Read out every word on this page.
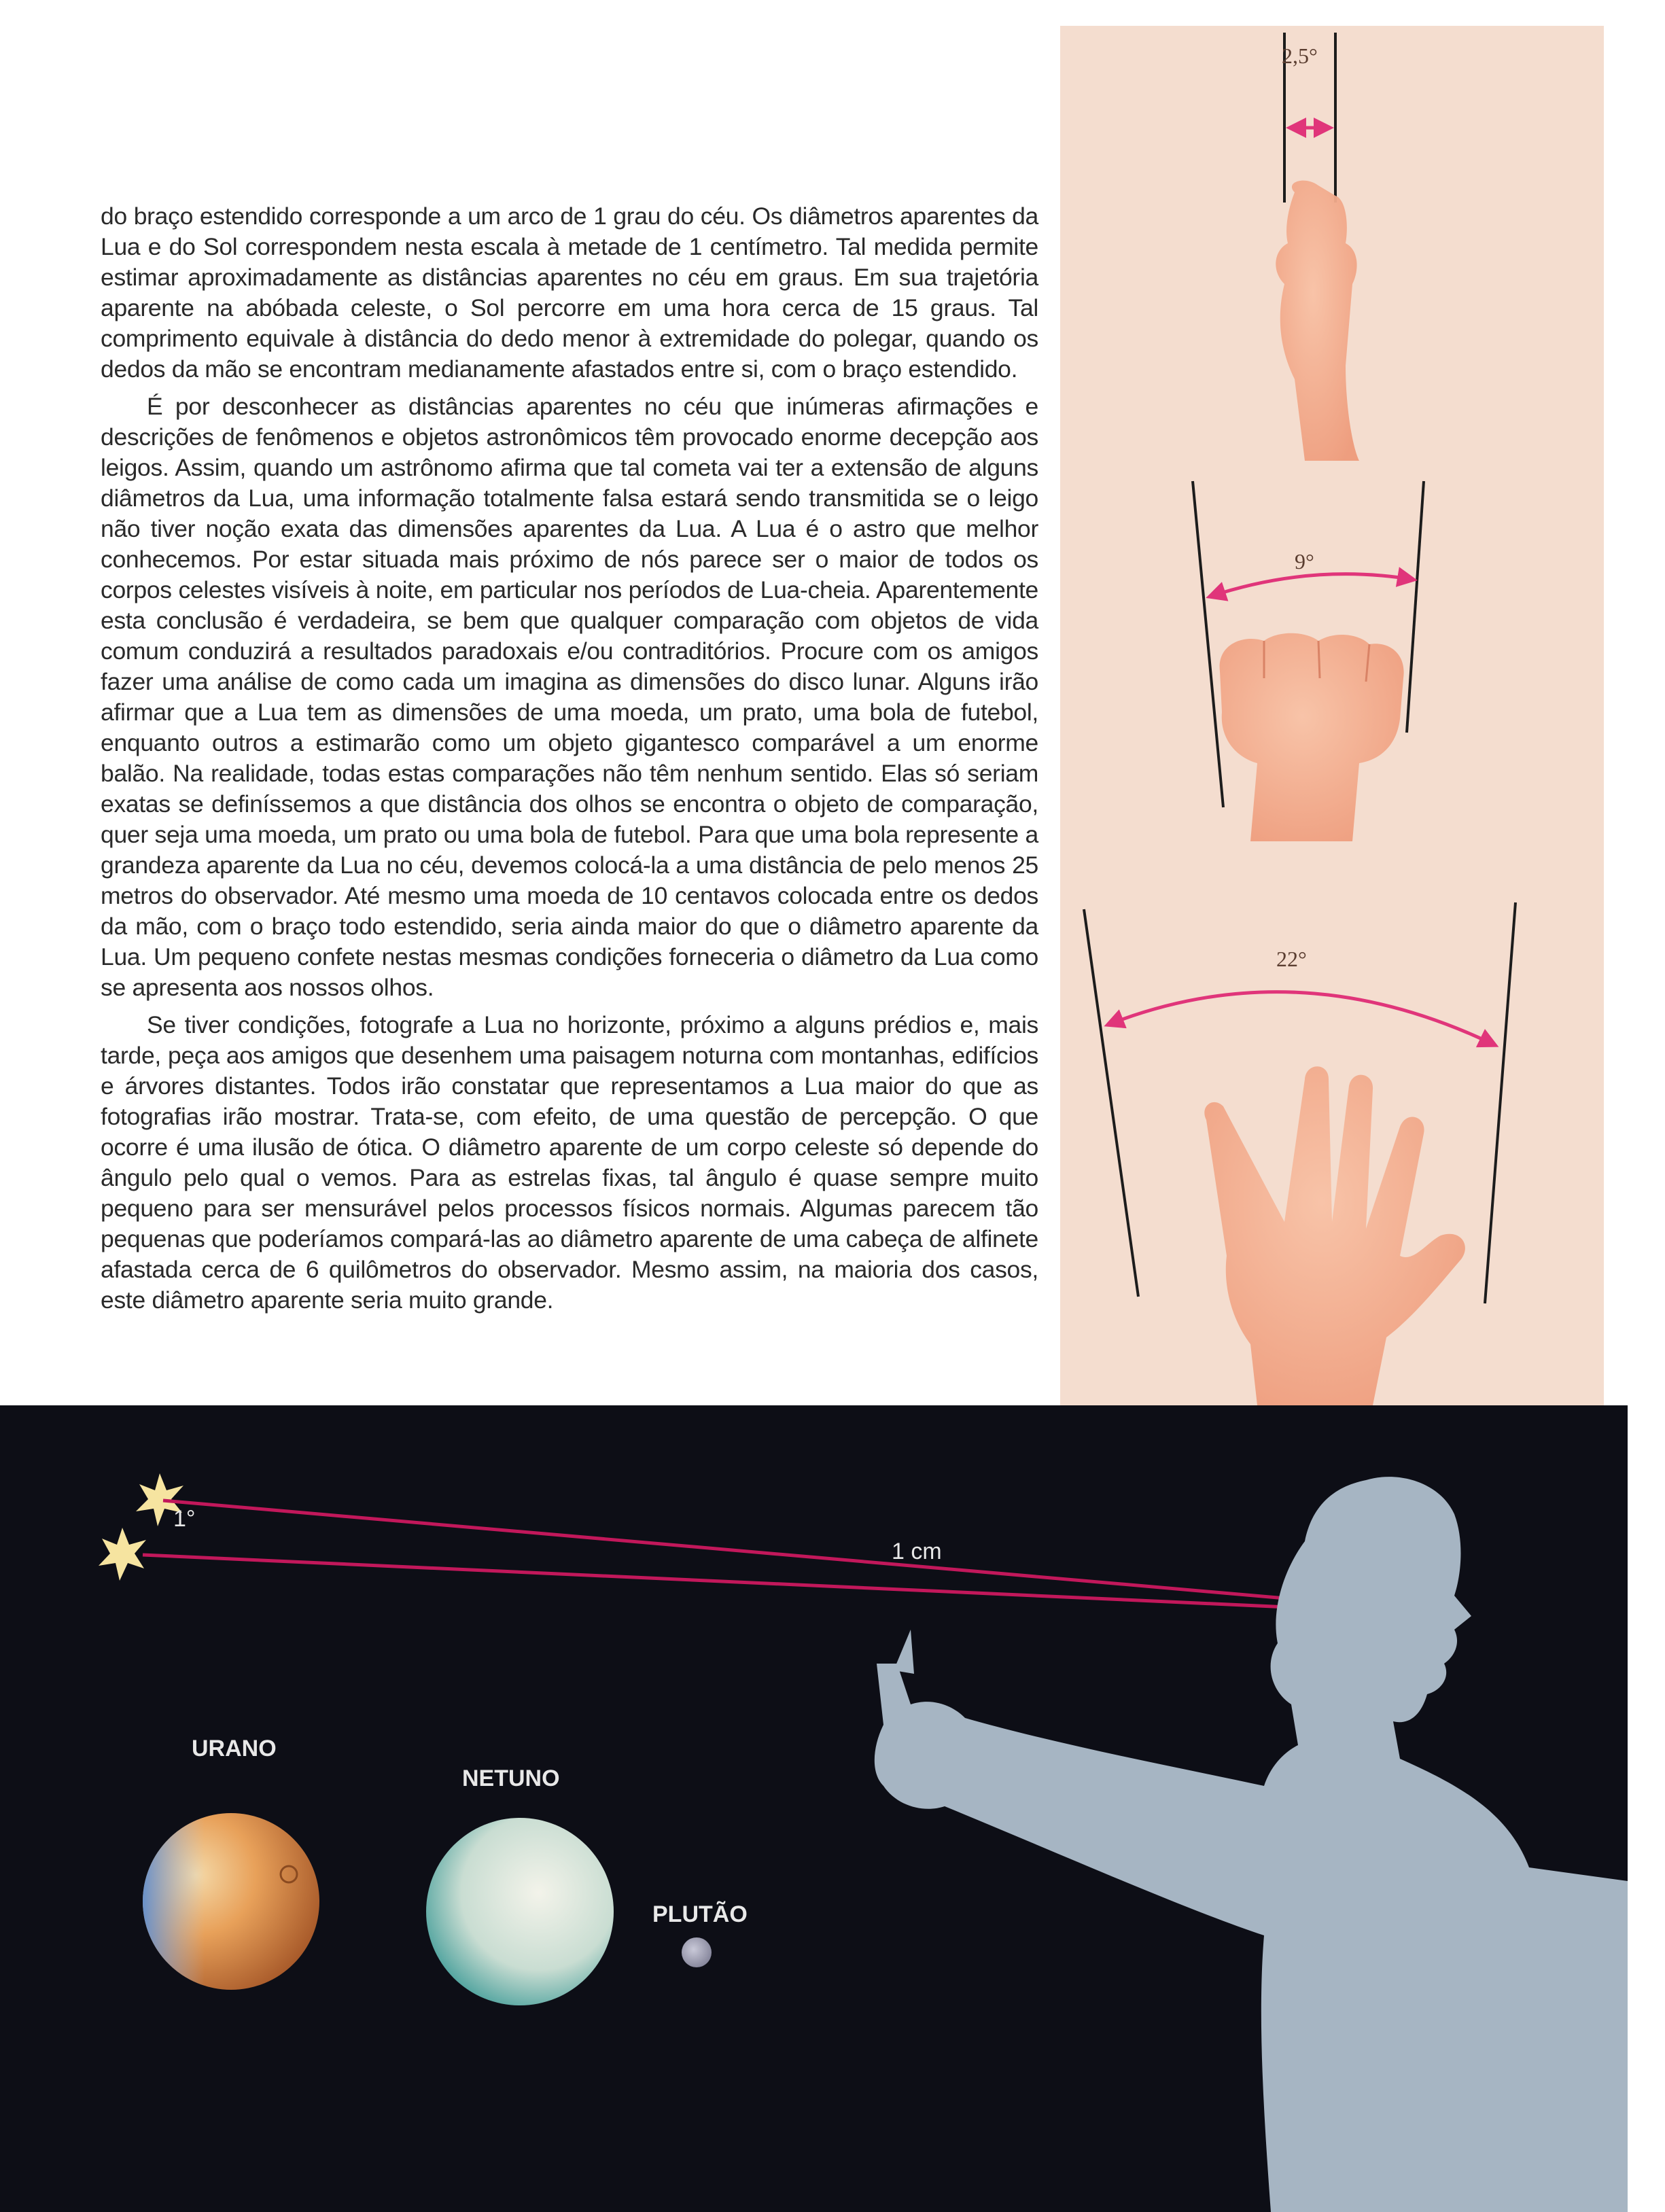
do braço estendido corresponde a um arco de 1 grau do céu. Os diâmetros aparentes da Lua e do Sol correspondem nesta escala à metade de 1 centímetro. Tal medida permite estimar aproximadamente as distâncias aparentes no céu em graus. Em sua trajetória aparente na abóbada celeste, o Sol percorre em uma hora cerca de 15 graus. Tal comprimento equivale à distância do dedo menor à extremidade do polegar, quando os dedos da mão se encontram medianamente afastados entre si, com o braço estendido.

É por desconhecer as distâncias aparentes no céu que inúmeras afirmações e descrições de fenômenos e objetos astronômicos têm provocado enorme decepção aos leigos. Assim, quando um astrônomo afirma que tal cometa vai ter a extensão de alguns diâmetros da Lua, uma informação totalmente falsa estará sendo transmitida se o leigo não tiver noção exata das dimensões aparentes da Lua. A Lua é o astro que melhor conhecemos. Por estar situada mais próximo de nós parece ser o maior de todos os corpos celestes visíveis à noite, em particular nos períodos de Lua-cheia. Aparentemente esta conclusão é verdadeira, se bem que qualquer comparação com objetos de vida comum conduzirá a resultados paradoxais e/ou contraditórios. Procure com os amigos fazer uma análise de como cada um imagina as dimensões do disco lunar. Alguns irão afirmar que a Lua tem as dimensões de uma moeda, um prato, uma bola de futebol, enquanto outros a estimarão como um objeto gigantesco comparável a um enorme balão. Na realidade, todas estas comparações não têm nenhum sentido. Elas só seriam exatas se definíssemos a que distância dos olhos se encontra o objeto de comparação, quer seja uma moeda, um prato ou uma bola de futebol. Para que uma bola represente a grandeza aparente da Lua no céu, devemos colocá-la a uma distância de pelo menos 25 metros do observador. Até mesmo uma moeda de 10 centavos colocada entre os dedos da mão, com o braço todo estendido, seria ainda maior do que o diâmetro aparente da Lua. Um pequeno confete nestas mesmas condições forneceria o diâmetro da Lua como se apresenta aos nossos olhos.

Se tiver condições, fotografe a Lua no horizonte, próximo a alguns prédios e, mais tarde, peça aos amigos que desenhem uma paisagem noturna com montanhas, edifícios e árvores distantes. Todos irão constatar que representamos a Lua maior do que as fotografias irão mostrar. Trata-se, com efeito, de uma questão de percepção. O que ocorre é uma ilusão de ótica. O diâmetro aparente de um corpo celeste só depende do ângulo pelo qual o vemos. Para as estrelas fixas, tal ângulo é quase sempre muito pequeno para ser mensurável pelos processos físicos normais. Algumas parecem tão pequenas que poderíamos compará-las ao diâmetro aparente de uma cabeça de alfinete afastada cerca de 6 quilômetros do observador. Mesmo assim, na maioria dos casos, este diâmetro aparente seria muito grande.

2,5°
9°
22°
1°
1 cm
URANO
NETUNO
PLUTÃO
